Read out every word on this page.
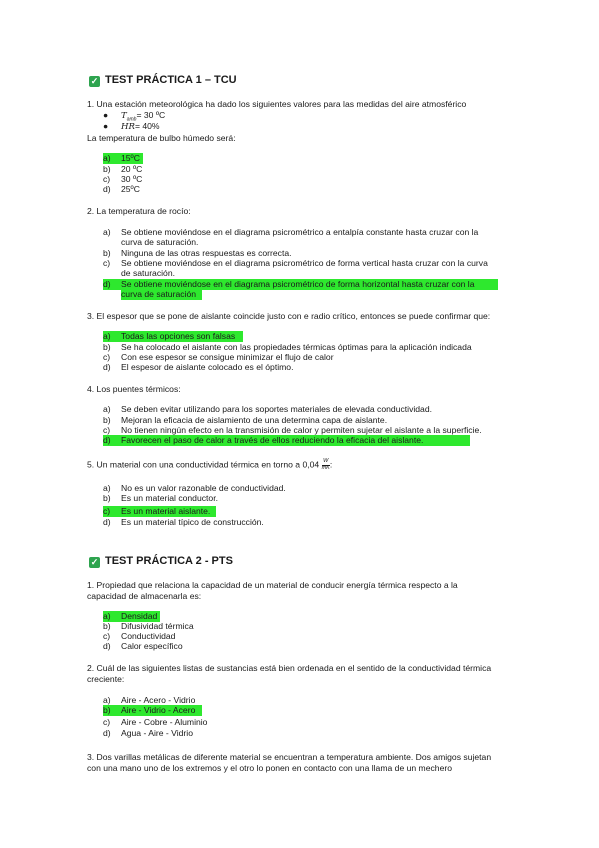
✓ TEST PRÁCTICA 1 – TCU
1. Una estación meteorológica ha dado los siguientes valores para las medidas del aire atmosférico
● $T_{amb}= 30$ ºC
● HR= 40%
La temperatura de bulbo húmedo será:
a) 15ºC
b) 20 ºC
c) 30 ºC
d) 25ºC
2. La temperatura de rocío:
a) Se obtiene moviéndose en el diagrama psicrométrico a entalpía constante hasta cruzar con la
curva de saturación.
b) Ninguna de las otras respuestas es correcta.
c) Se obtiene moviéndose en el diagrama psicrométrico de forma vertical hasta cruzar con la curva
de saturación.
d) Se obtiene moviéndose en el diagrama psicrométrico de forma horizontal hasta cruzar con la
curva de saturación
3. El espesor que se pone de aislante coincide justo con e radio crítico, entonces se puede confirmar que:
a) Todas las opciones son falsas
b) Se ha colocado el aislante con las propiedades térmicas óptimas para la aplicación indicada
c) Con ese espesor se consigue minimizar el flujo de calor
d) El espesor de aislante colocado es el óptimo.
4. Los puentes térmicos:
a) Se deben evitar utilizando para los soportes materiales de elevada conductividad.
b) Mejoran la eficacia de aislamiento de una determina capa de aislante.
c) No tienen ningún efecto en la transmisión de calor y permiten sujetar el aislante a la superficie.
d) Favorecen el paso de calor a través de ellos reduciendo la eficacia del aislante.
5. Un material con una conductividad térmica en torno a $0,04 \frac{W}{mK}$ :
a) No es un valor razonable de conductividad.
b) Es un material conductor.
c) Es un material aislante.
d) Es un material típico de construcción.
✓ TEST PRÁCTICA 2 - PTS
1. Propiedad que relaciona la capacidad de un material de conducir energía térmica respecto a la
capacidad de almacenarla es:
a) Densidad
b) Difusividad térmica
c) Conductividad
d) Calor específico
2. Cuál de las siguientes listas de sustancias está bien ordenada en el sentido de la conductividad térmica
creciente:
a) Aire - Acero - Vidrio
b) Aire - Vidrio - Acero
c) Aire - Cobre - Aluminio
d) Agua - Aire - Vidrio
3. Dos varillas metálicas de diferente material se encuentran a temperatura ambiente. Dos amigos sujetan
con una mano uno de los extremos y el otro lo ponen en contacto con una llama de un mechero
